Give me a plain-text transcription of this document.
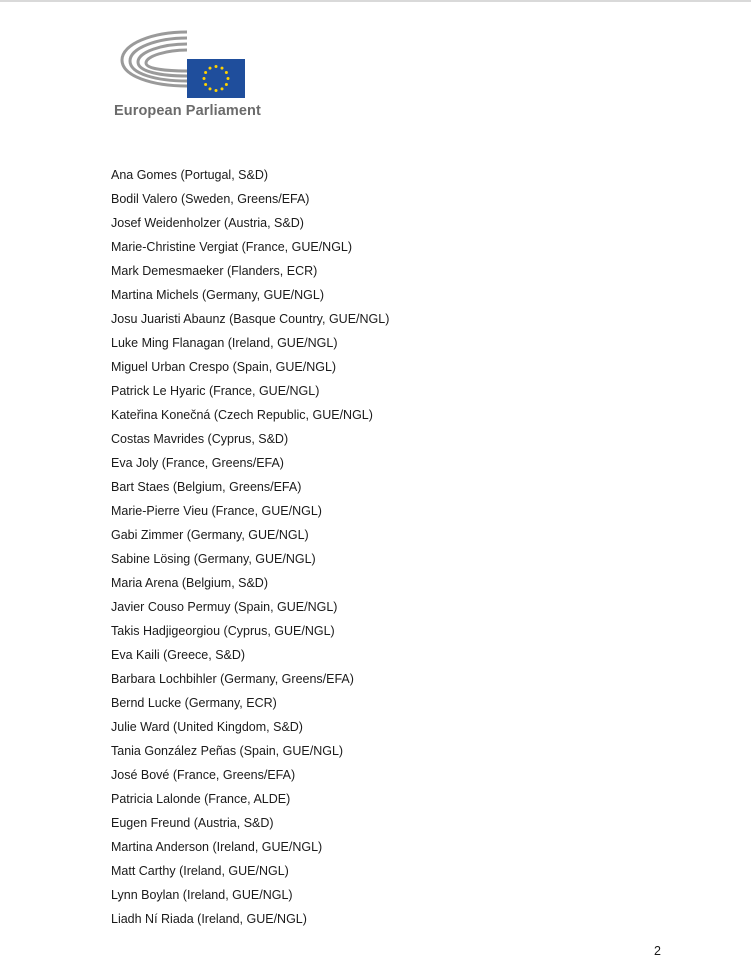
European Parliament
Ana Gomes (Portugal, S&D)
Bodil Valero (Sweden, Greens/EFA)
Josef Weidenholzer (Austria, S&D)
Marie-Christine Vergiat (France, GUE/NGL)
Mark Demesmaeker (Flanders, ECR)
Martina Michels (Germany, GUE/NGL)
Josu Juaristi Abaunz (Basque Country, GUE/NGL)
Luke Ming Flanagan (Ireland, GUE/NGL)
Miguel Urban Crespo (Spain, GUE/NGL)
Patrick Le Hyaric (France, GUE/NGL)
Kateřina Konečná (Czech Republic, GUE/NGL)
Costas Mavrides (Cyprus, S&D)
Eva Joly (France, Greens/EFA)
Bart Staes (Belgium, Greens/EFA)
Marie-Pierre Vieu (France, GUE/NGL)
Gabi Zimmer (Germany, GUE/NGL)
Sabine Lösing (Germany, GUE/NGL)
Maria Arena (Belgium, S&D)
Javier Couso Permuy (Spain, GUE/NGL)
Takis Hadjigeorgiou (Cyprus, GUE/NGL)
Eva Kaili (Greece, S&D)
Barbara Lochbihler (Germany, Greens/EFA)
Bernd Lucke (Germany, ECR)
Julie Ward (United Kingdom, S&D)
Tania González Peñas (Spain, GUE/NGL)
José Bové (France, Greens/EFA)
Patricia Lalonde (France, ALDE)
Eugen Freund (Austria, S&D)
Martina Anderson (Ireland, GUE/NGL)
Matt Carthy (Ireland, GUE/NGL)
Lynn Boylan (Ireland, GUE/NGL)
Liadh Ní Riada (Ireland, GUE/NGL)
2
